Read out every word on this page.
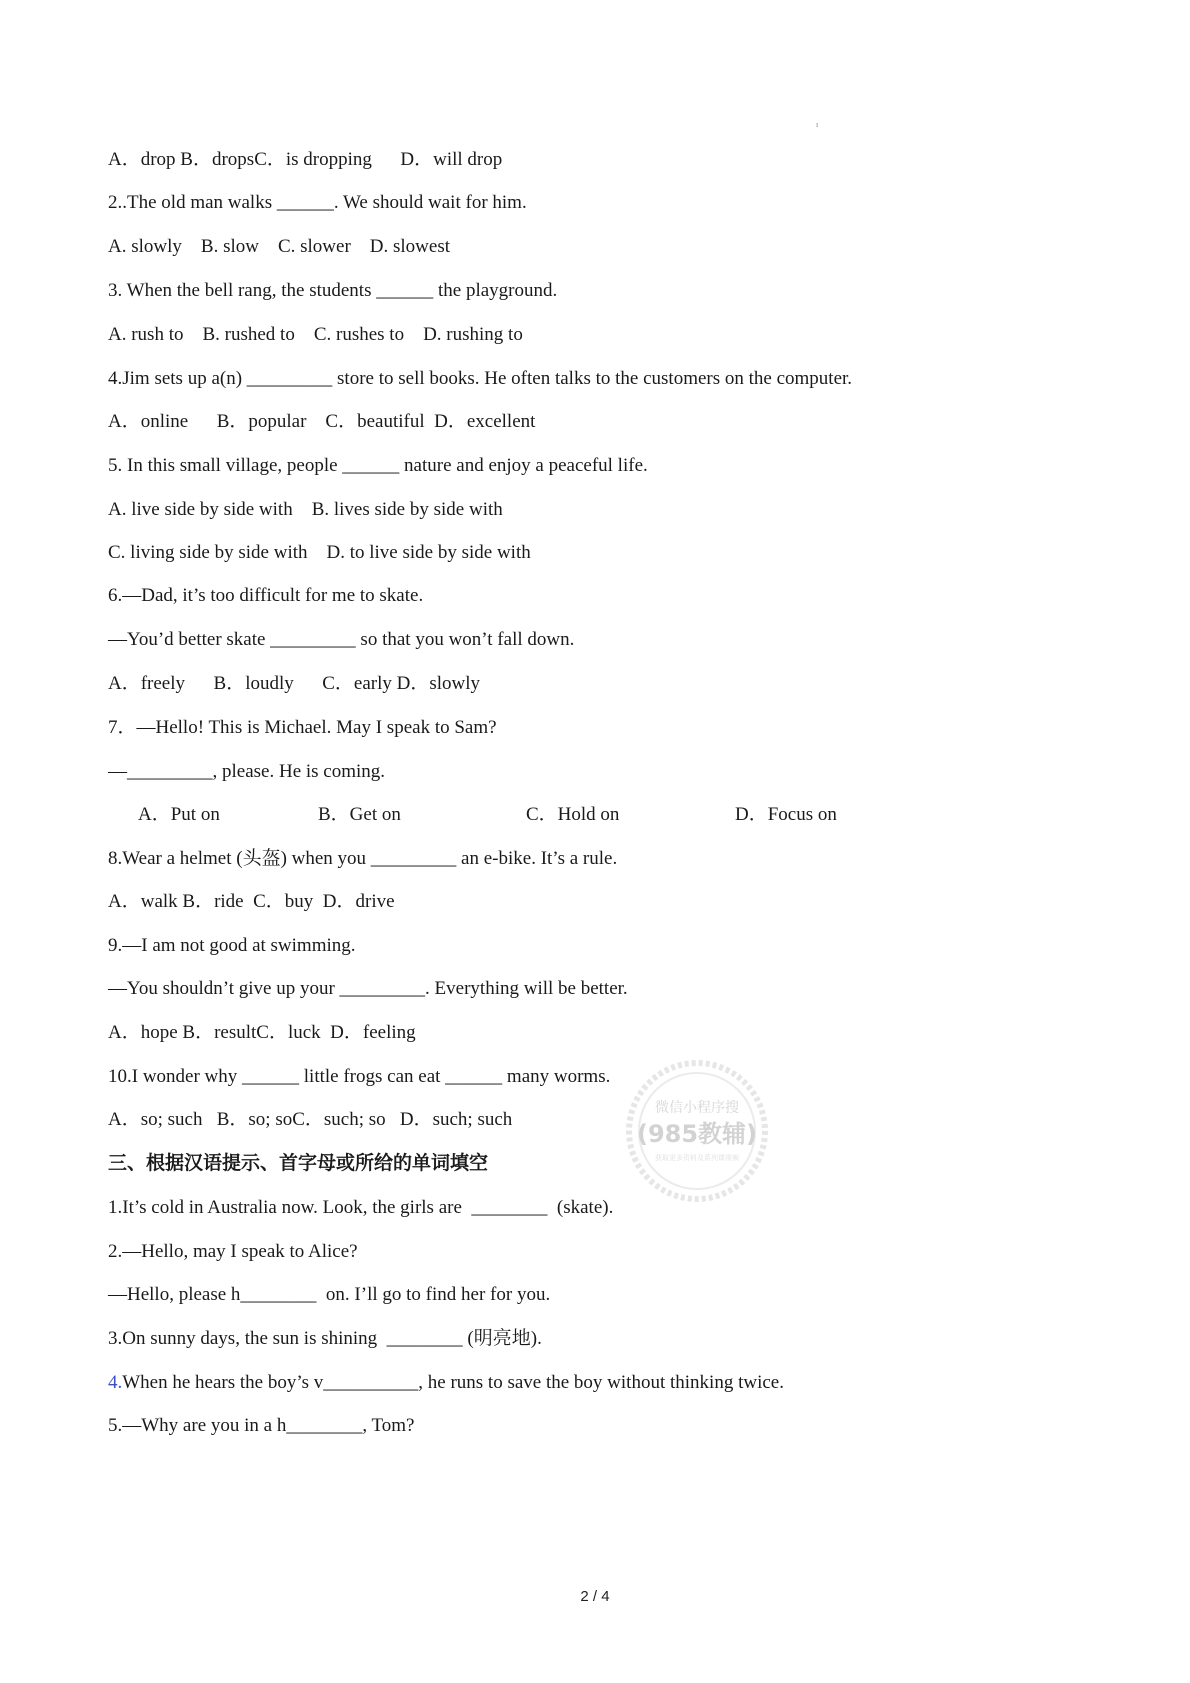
ı
A．drop B．dropsC．is dropping      D．will drop
2..The old man walks ______. We should wait for him.
A. slowly    B. slow    C. slower    D. slowest
3. When the bell rang, the students ______ the playground.
A. rush to    B. rushed to    C. rushes to    D. rushing to
4.Jim sets up a(n) _________ store to sell books. He often talks to the customers on the computer.
A．online      B．popular    C．beautiful  D．excellent
5. In this small village, people ______ nature and enjoy a peaceful life.
A. live side by side with    B. lives side by side with
C. living side by side with    D. to live side by side with
6.—Dad, it’s too difficult for me to skate.
—You’d better skate _________ so that you won’t fall down.
A．freely      B．loudly      C．early D．slowly
7．—Hello! This is Michael. May I speak to Sam?
—_________, please. He is coming.
A．Put on	B．Get on	C．Hold on	D．Focus on
8.Wear a helmet (头盔) when you _________ an e-bike. It’s a rule.
A．walk B．ride  C．buy  D．drive
9.—I am not good at swimming.
—You shouldn’t give up your _________. Everything will be better.
A．hope B．resultC．luck  D．feeling
10.I wonder why ______ little frogs can eat ______ many worms.
A．so; such   B．so; soC．such; so   D．such; such
三、根据汉语提示、首字母或所给的单词填空
1.It’s cold in Australia now. Look, the girls are  ________  (skate).
2.—Hello, may I speak to Alice?
—Hello, please h________  on. I’ll go to find her for you.
3.On sunny days, the sun is shining  ________ (明亮地).
4.When he hears the boy’s v__________, he runs to save the boy without thinking twice.
5.—Why are you in a h________, Tom?
微信小程序搜
(985教辅)
获取更多资料及系列课视频
2 / 4
